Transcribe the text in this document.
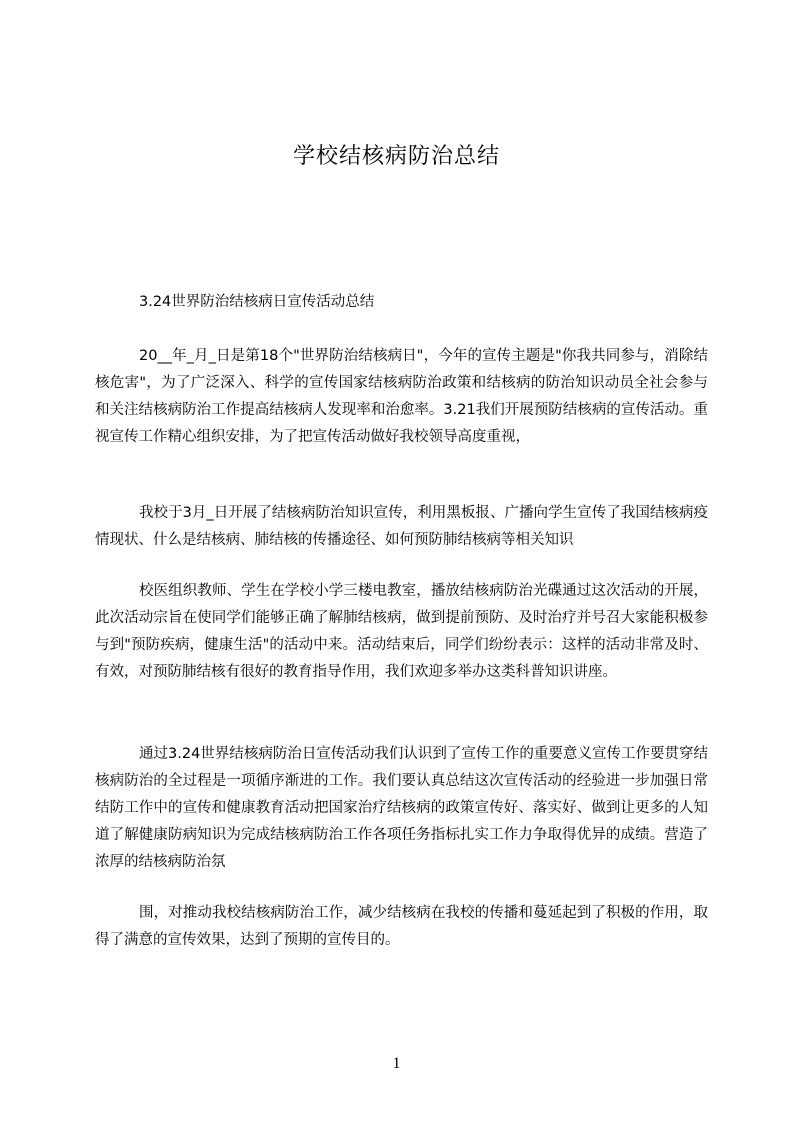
学校结核病防治总结
3.24世界防治结核病日宣传活动总结
20__年_月_日是第18个"世界防治结核病日"，今年的宣传主题是"你我共同参与，消除结核危害"，为了广泛深入、科学的宣传国家结核病防治政策和结核病的防治知识动员全社会参与和关注结核病防治工作提高结核病人发现率和治愈率。3.21我们开展预防结核病的宣传活动。重视宣传工作精心组织安排，为了把宣传活动做好我校领导高度重视，
我校于3月_日开展了结核病防治知识宣传，利用黑板报、广播向学生宣传了我国结核病疫情现状、什么是结核病、肺结核的传播途径、如何预防肺结核病等相关知识
校医组织教师、学生在学校小学三楼电教室，播放结核病防治光碟通过这次活动的开展，此次活动宗旨在使同学们能够正确了解肺结核病，做到提前预防、及时治疗并号召大家能积极参与到"预防疾病，健康生活"的活动中来。活动结束后，同学们纷纷表示：这样的活动非常及时、有效，对预防肺结核有很好的教育指导作用，我们欢迎多举办这类科普知识讲座。
通过3.24世界结核病防治日宣传活动我们认识到了宣传工作的重要意义宣传工作要贯穿结核病防治的全过程是一项循序渐进的工作。我们要认真总结这次宣传活动的经验进一步加强日常结防工作中的宣传和健康教育活动把国家治疗结核病的政策宣传好、落实好、做到让更多的人知道了解健康防病知识为完成结核病防治工作各项任务指标扎实工作力争取得优异的成绩。营造了浓厚的结核病防治氛
围，对推动我校结核病防治工作，减少结核病在我校的传播和蔓延起到了积极的作用，取得了满意的宣传效果，达到了预期的宣传目的。
1
